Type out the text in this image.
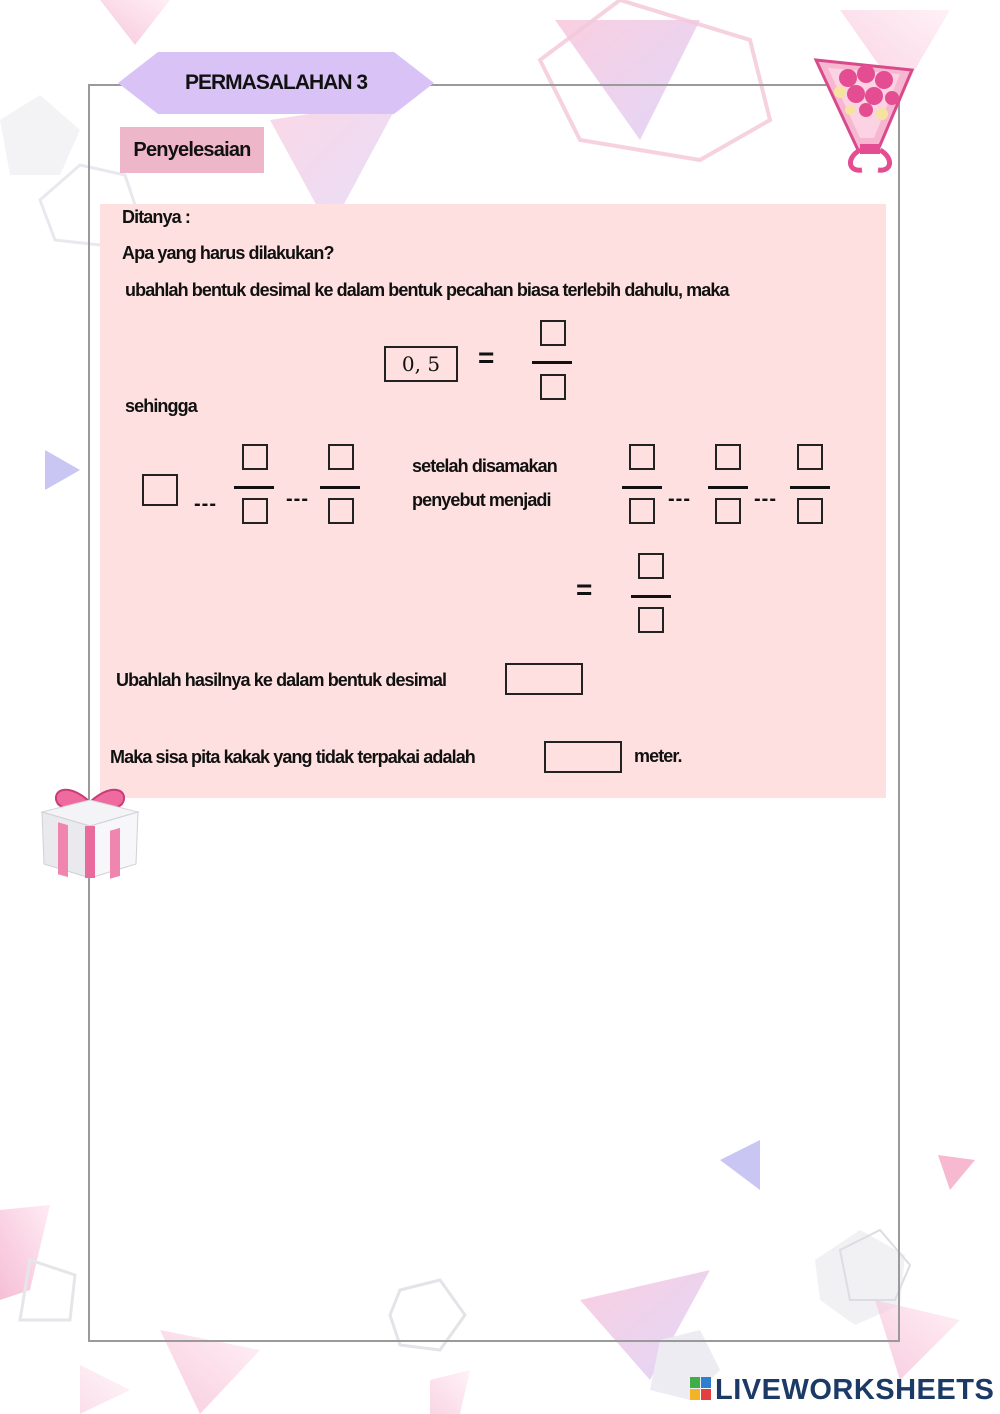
PERMASALAHAN 3
Penyelesaian
Ditanya :
Apa yang harus dilakukan?
ubahlah bentuk desimal ke dalam bentuk pecahan biasa terlebih dahulu, maka
0, 5	=
sehingga
---	---
setelah disamakan
penyebut menjadi	---	---
=
Ubahlah hasilnya ke dalam bentuk desimal
Maka sisa pita kakak yang tidak terpakai adalah	meter.
LIVEWORKSHEETS
